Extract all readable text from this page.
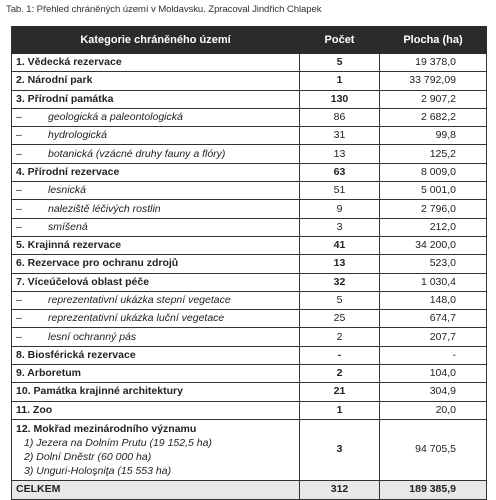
Tab. 1: Přehled chráněných území v Moldavsku. Zpracoval Jindřich Chlapek
Kategorie chráněného území	Počet	Plocha (ha)
1. Vědecká rezervace	5	19 378,0
2. Národní park	1	33 792,09
3. Přírodní památka	130	2 907,2
– geologická a paleontologická	86	2 682,2
– hydrologická	31	99,8
– botanická (vzácné druhy fauny a flóry)	13	125,2
4. Přírodní rezervace	63	8 009,0
– lesnická	51	5 001,0
– naleziště léčivých rostlin	9	2 796,0
– smíšená	3	212,0
5. Krajinná rezervace	41	34 200,0
6. Rezervace pro ochranu zdrojů	13	523,0
7. Víceúčelová oblast péče	32	1 030,4
– reprezentativní ukázka stepní vegetace	5	148,0
– reprezentativní ukázka luční vegetace	25	674,7
– lesní ochranný pás	2	207,7
8. Biosférická rezervace	-	-
9. Arboretum	2	104,0
10. Památka krajinné architektury	21	304,9
11. Zoo	1	20,0

12. Mokřad mezinárodního významu
1) Jezera na Dolním Prutu (19 152,5 ha)
2) Dolní Dněstr (60 000 ha)
3) Unguri-Holoşniţa (15 553 ha)	3	94 705,5
CELKEM	312	189 385,9
